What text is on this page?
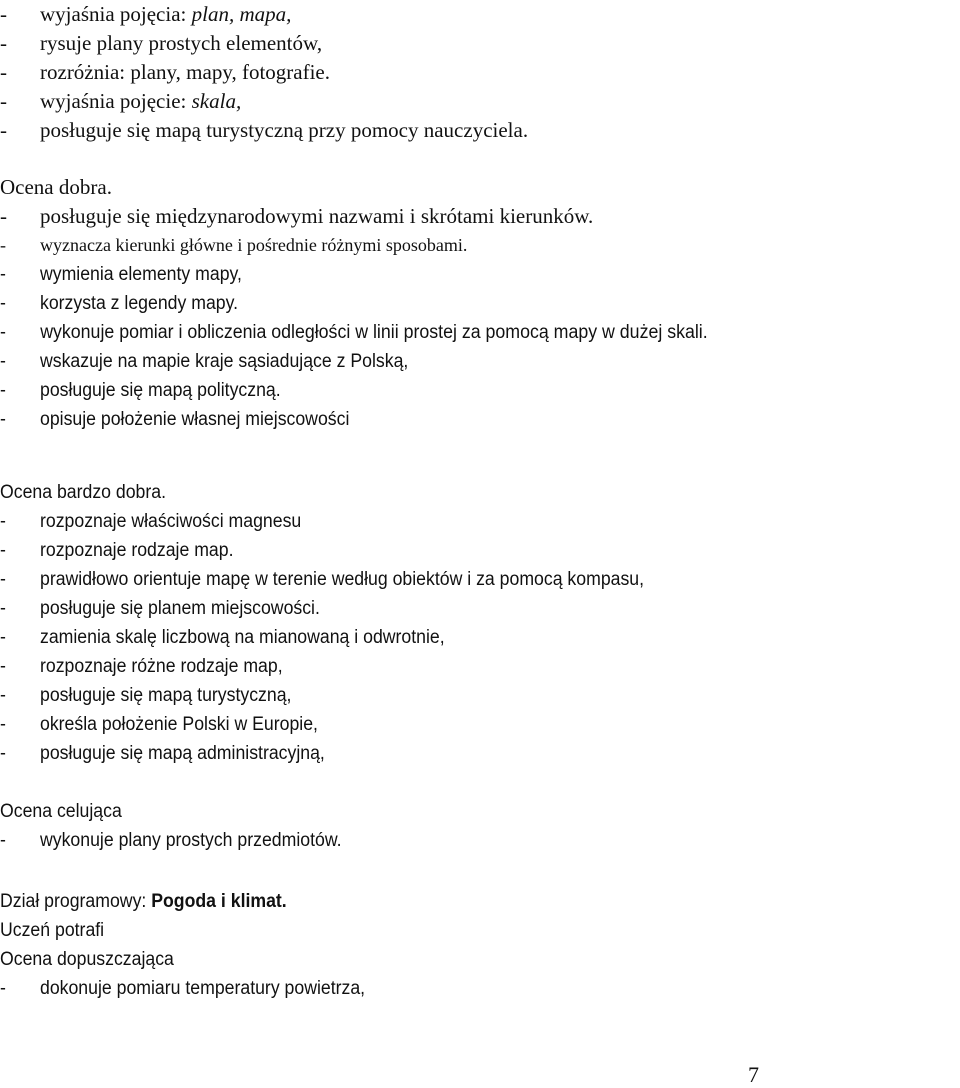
- wyjaśnia pojęcia: plan, mapa,
- rysuje plany prostych elementów,
- rozróżnia: plany, mapy, fotografie.
- wyjaśnia pojęcie: skala,
- posługuje się mapą turystyczną przy pomocy nauczyciela.
Ocena dobra.
- posługuje się międzynarodowymi nazwami i skrótami kierunków.
- wyznacza kierunki główne i pośrednie różnymi sposobami.
- wymienia elementy mapy,
- korzysta z legendy mapy.
- wykonuje pomiar i obliczenia odległości w linii prostej za pomocą mapy w dużej skali.
- wskazuje na mapie kraje sąsiadujące z Polską,
- posługuje się mapą polityczną.
- opisuje położenie własnej miejscowości
Ocena bardzo dobra.
- rozpoznaje właściwości magnesu
- rozpoznaje rodzaje map.
- prawidłowo orientuje mapę w terenie według obiektów i za pomocą kompasu,
- posługuje się planem miejscowości.
- zamienia skalę liczbową na mianowaną i odwrotnie,
- rozpoznaje różne rodzaje map,
- posługuje się mapą turystyczną,
- określa położenie Polski w Europie,
- posługuje się mapą administracyjną,
Ocena celująca
- wykonuje plany prostych przedmiotów.
Dział programowy: Pogoda i klimat.
Uczeń potrafi
Ocena dopuszczająca
- dokonuje pomiaru temperatury powietrza,
7
